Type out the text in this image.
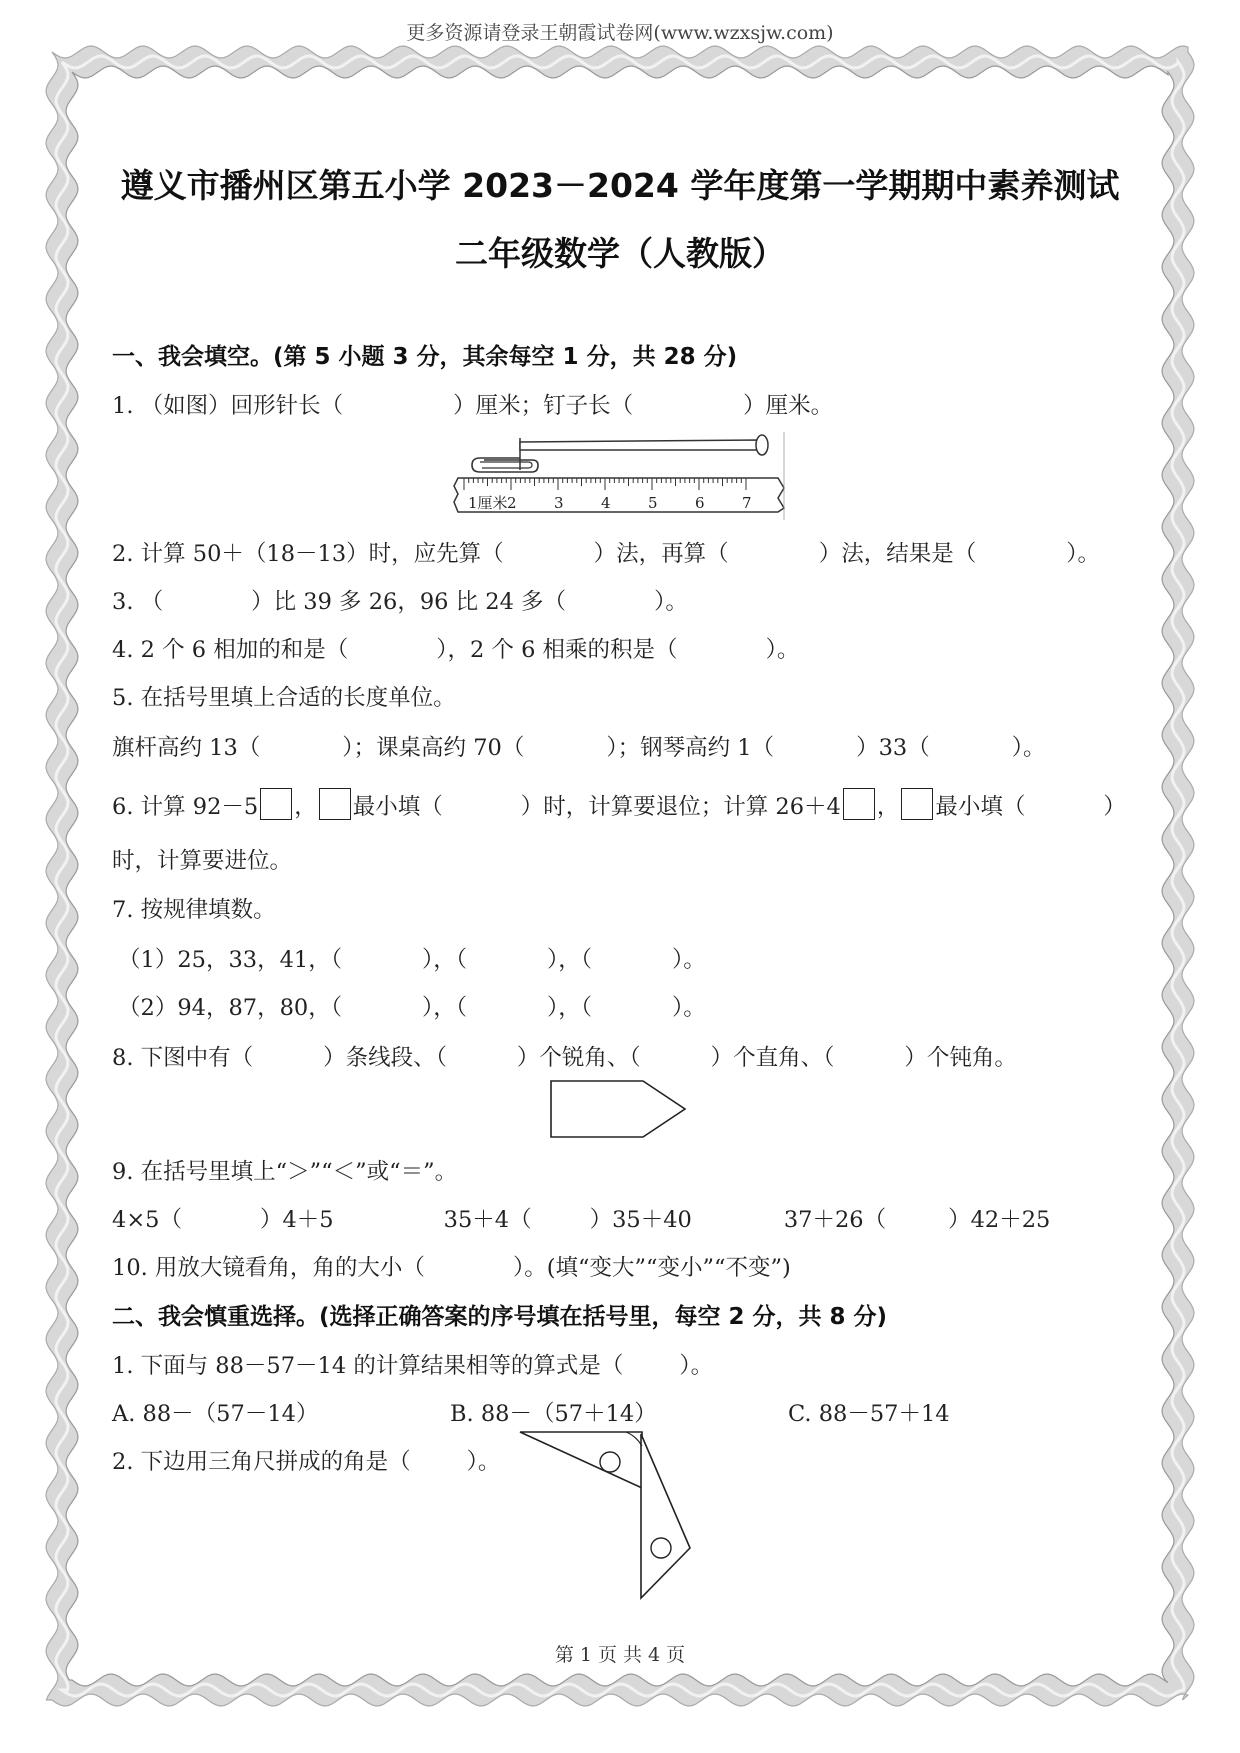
更多资源请登录王朝霞试卷网(www.wzxsjw.com)
遵义市播州区第五小学 2023－2024 学年度第一学期期中素养测试
二年级数学（人教版）
一、我会填空。(第 5 小题 3 分，其余每空 1 分，共 28 分)
1. （如图）回形针长（	）厘米；钉子长（	）厘米。
1厘米 2 3 4 5 6 7
2. 计算 50＋（18－13）时，应先算（	）法，再算（	）法，结果是（	）。
3. （	）比 39 多 26，96 比 24 多（	）。
4. 2 个 6 相加的和是（	），2 个 6 相乘的积是（	）。
5. 在括号里填上合适的长度单位。
旗杆高约 13（	）；课桌高约 70（	）；钢琴高约 1（	）33（	）。
6. 计算 92－5 ， 最小填（	）时，计算要退位；计算 26＋4 ， 最小填（	）
时，计算要进位。
7. 按规律填数。
（1）25，33，41，（	），（	），（	）。
（2）94，87，80，（	），（	），（	）。
8. 下图中有（	）条线段、（	）个锐角、（	）个直角、（	）个钝角。
9. 在括号里填上“＞”“＜”或“＝”。
4×5（	）4＋5	35＋4（	）35＋40	37＋26（	）42＋25
10. 用放大镜看角，角的大小（	）。(填“变大”“变小”“不变”)
二、我会慎重选择。(选择正确答案的序号填在括号里，每空 2 分，共 8 分)
1. 下面与 88－57－14 的计算结果相等的算式是（ ）。
A. 88－（57－14）	B. 88－（57＋14）	C. 88－57＋14
2. 下边用三角尺拼成的角是（ ）。
第 1 页 共 4 页
